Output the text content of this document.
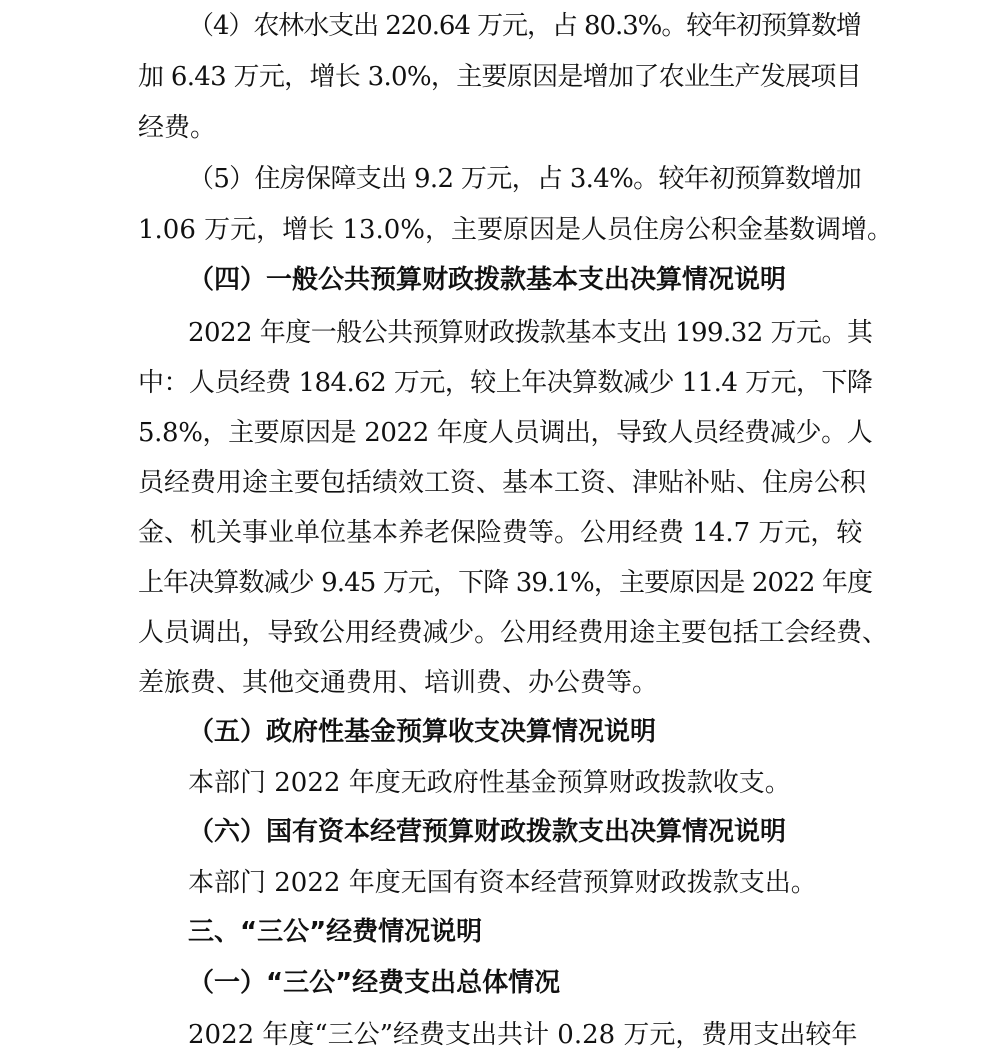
（4）农林水支出 220.64 万元，占 80.3%。较年初预算数增
加 6.43 万元，增长 3.0%，主要原因是增加了农业生产发展项目
经费。
（5）住房保障支出 9.2 万元，占 3.4%。较年初预算数增加
1.06 万元，增长 13.0%，主要原因是人员住房公积金基数调增。
（四）一般公共预算财政拨款基本支出决算情况说明
2022 年度一般公共预算财政拨款基本支出 199.32 万元。其
中：人员经费 184.62 万元，较上年决算数减少 11.4 万元，下降
5.8%，主要原因是 2022 年度人员调出，导致人员经费减少。人
员经费用途主要包括绩效工资、基本工资、津贴补贴、住房公积
金、机关事业单位基本养老保险费等。公用经费 14.7 万元，较
上年决算数减少 9.45 万元，下降 39.1%，主要原因是 2022 年度
人员调出，导致公用经费减少。公用经费用途主要包括工会经费、
差旅费、其他交通费用、培训费、办公费等。
（五）政府性基金预算收支决算情况说明
本部门 2022 年度无政府性基金预算财政拨款收支。
（六）国有资本经营预算财政拨款支出决算情况说明
本部门 2022 年度无国有资本经营预算财政拨款支出。
三、“三公”经费情况说明
（一）“三公”经费支出总体情况
2022 年度“三公”经费支出共计 0.28 万元，费用支出较年
